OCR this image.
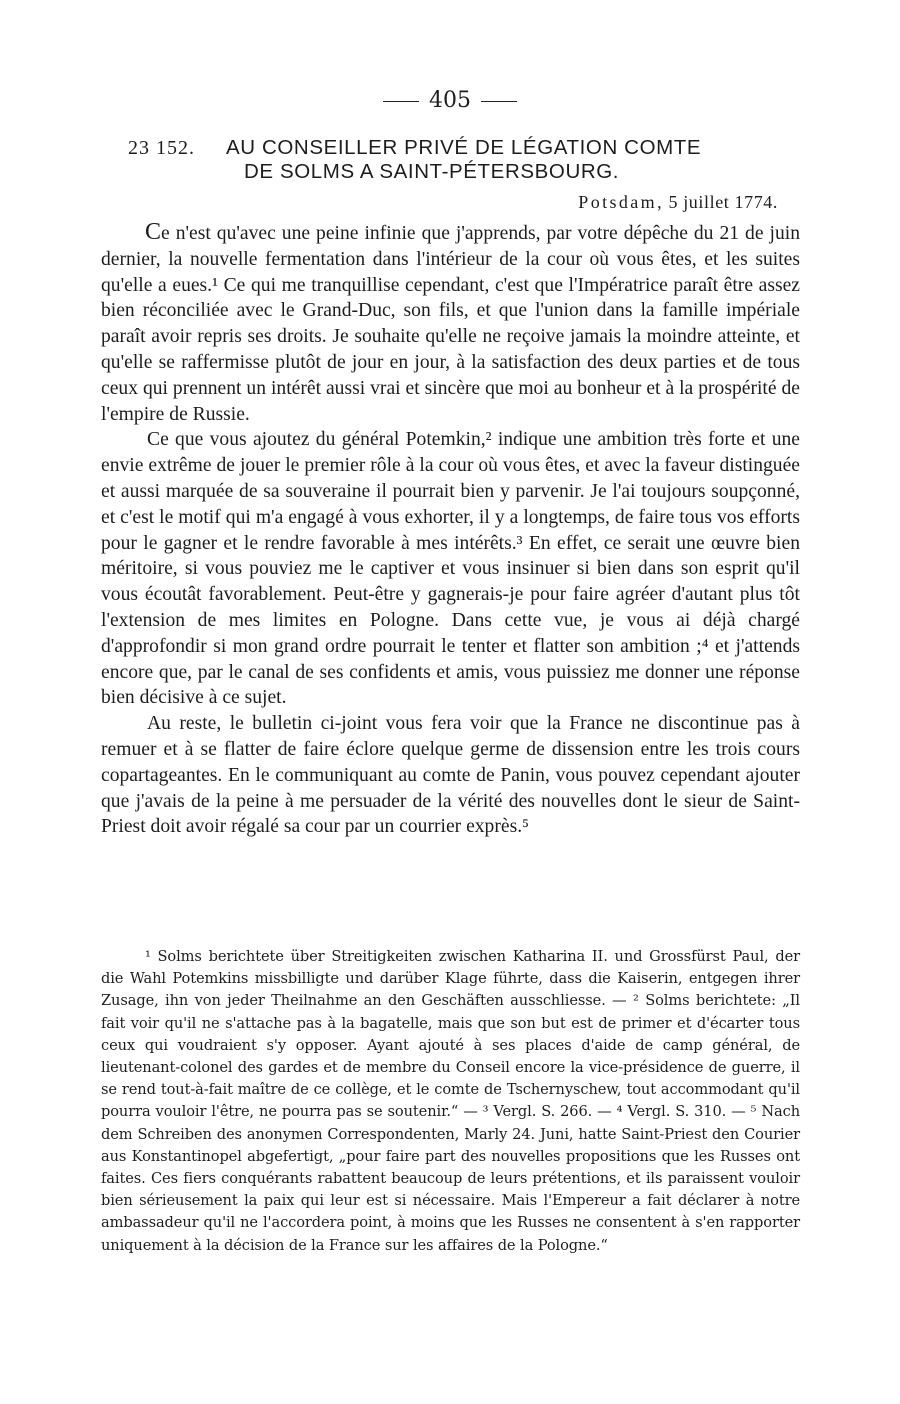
405
23 152. AU CONSEILLER PRIVÉ DE LÉGATION COMTE
DE SOLMS A SAINT-PÉTERSBOURG.
Potsdam, 5 juillet 1774.

Ce n'est qu'avec une peine infinie que j'apprends, par votre dépêche du 21 de juin dernier, la nouvelle fermentation dans l'intérieur de la cour où vous êtes, et les suites qu'elle a eues.¹ Ce qui me tranquillise cependant, c'est que l'Impératrice paraît être assez bien réconciliée avec le Grand-Duc, son fils, et que l'union dans la famille impériale paraît avoir repris ses droits. Je souhaite qu'elle ne reçoive jamais la moindre atteinte, et qu'elle se raffermisse plutôt de jour en jour, à la satisfaction des deux parties et de tous ceux qui prennent un intérêt aussi vrai et sincère que moi au bonheur et à la prospérité de l'empire de Russie.

Ce que vous ajoutez du général Potemkin,² indique une ambition très forte et une envie extrême de jouer le premier rôle à la cour où vous êtes, et avec la faveur distinguée et aussi marquée de sa souveraine il pourrait bien y parvenir. Je l'ai toujours soupçonné, et c'est le motif qui m'a engagé à vous exhorter, il y a longtemps, de faire tous vos efforts pour le gagner et le rendre favorable à mes intérêts.³ En effet, ce serait une œuvre bien méritoire, si vous pouviez me le captiver et vous insinuer si bien dans son esprit qu'il vous écoutât favorablement. Peut-être y gagnerais-je pour faire agréer d'autant plus tôt l'extension de mes limites en Pologne. Dans cette vue, je vous ai déjà chargé d'approfondir si mon grand ordre pourrait le tenter et flatter son ambition ;⁴ et j'attends encore que, par le canal de ses confidents et amis, vous puissiez me donner une réponse bien décisive à ce sujet.

Au reste, le bulletin ci-joint vous fera voir que la France ne discontinue pas à remuer et à se flatter de faire éclore quelque germe de dissension entre les trois cours copartageantes. En le communiquant au comte de Panin, vous pouvez cependant ajouter que j'avais de la peine à me persuader de la vérité des nouvelles dont le sieur de Saint-Priest doit avoir régalé sa cour par un courrier exprès.⁵

¹ Solms berichtete über Streitigkeiten zwischen Katharina II. und Grossfürst Paul, der die Wahl Potemkins missbilligte und darüber Klage führte, dass die Kaiserin, entgegen ihrer Zusage, ihn von jeder Theilnahme an den Geschäften ausschliesse. — ² Solms berichtete: „Il fait voir qu'il ne s'attache pas à la bagatelle, mais que son but est de primer et d'écarter tous ceux qui voudraient s'y opposer. Ayant ajouté à ses places d'aide de camp général, de lieutenant-colonel des gardes et de membre du Conseil encore la vice-présidence de guerre, il se rend tout-à-fait maître de ce collège, et le comte de Tschernyschew, tout accommodant qu'il pourra vouloir l'être, ne pourra pas se soutenir.“ — ³ Vergl. S. 266. — ⁴ Vergl. S. 310. — ⁵ Nach dem Schreiben des anonymen Correspondenten, Marly 24. Juni, hatte Saint-Priest den Courier aus Konstantinopel abgefertigt, „pour faire part des nouvelles propositions que les Russes ont faites. Ces fiers conquérants rabattent beaucoup de leurs prétentions, et ils paraissent vouloir bien sérieusement la paix qui leur est si nécessaire. Mais l'Empereur a fait déclarer à notre ambassadeur qu'il ne l'accordera point, à moins que les Russes ne consentent à s'en rapporter uniquement à la décision de la France sur les affaires de la Pologne.“
